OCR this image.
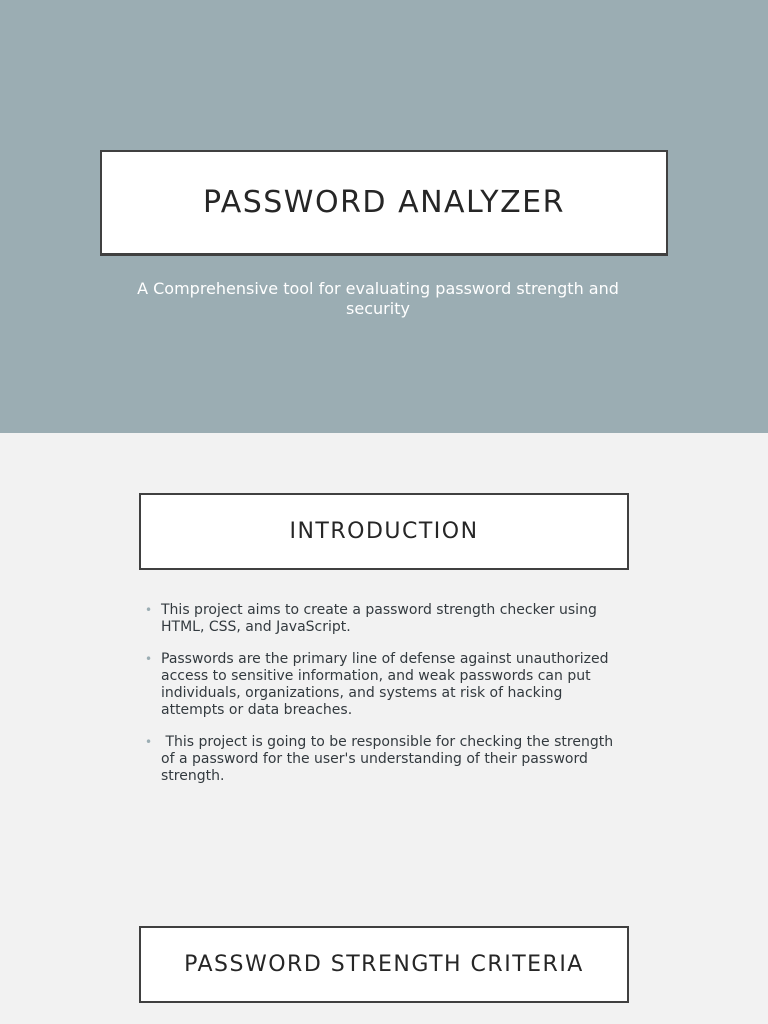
PASSWORD ANALYZER
A Comprehensive tool for evaluating password strength and security
INTRODUCTION
• This project aims to create a password strength checker using HTML, CSS, and JavaScript.
• Passwords are the primary line of defense against unauthorized access to sensitive information, and weak passwords can put individuals, organizations, and systems at risk of hacking attempts or data breaches.
• This project is going to be responsible for checking the strength of a password for the user's understanding of their password strength.
PASSWORD STRENGTH CRITERIA
